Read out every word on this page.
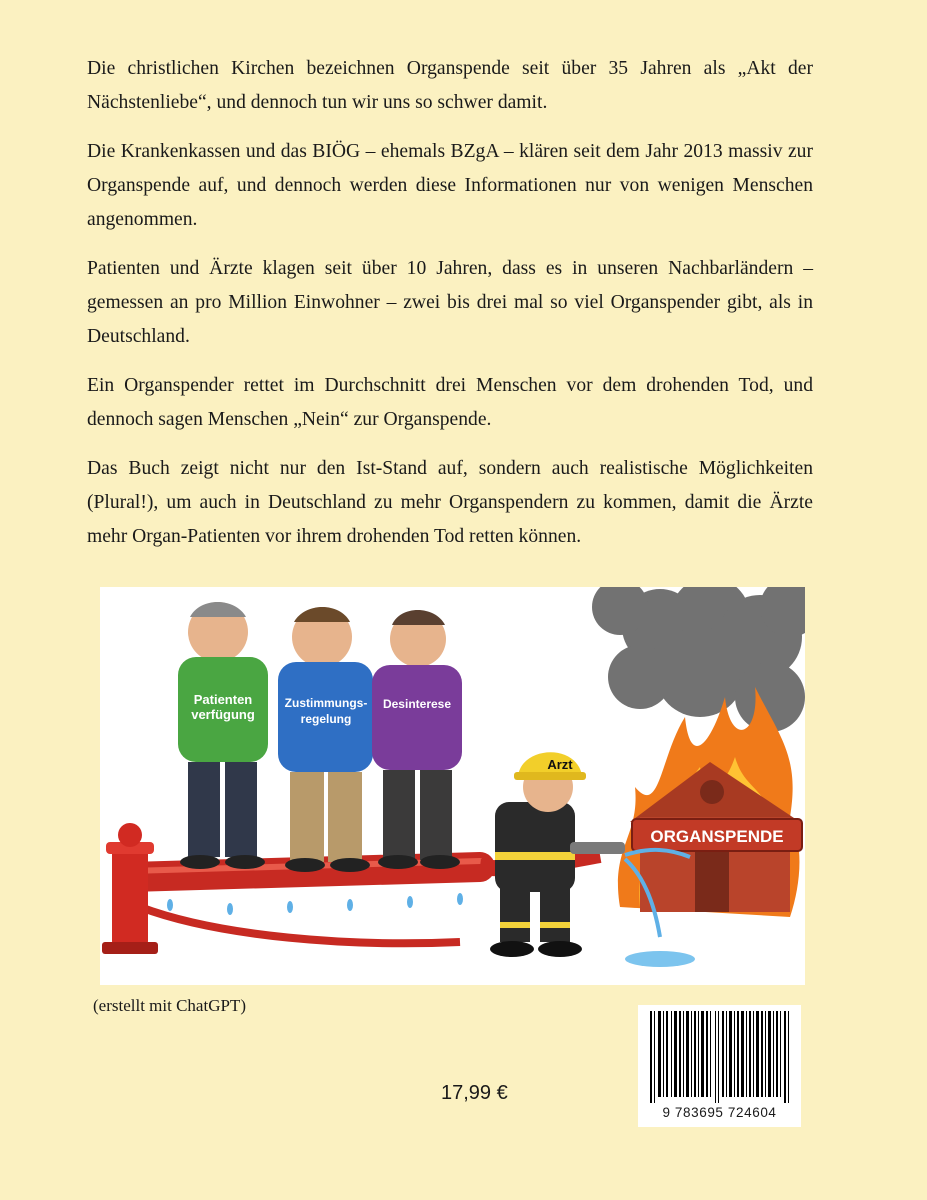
Die christlichen Kirchen bezeichnen Organspende seit über 35 Jahren als „Akt der Nächstenliebe“, und dennoch tun wir uns so schwer damit.

Die Krankenkassen und das BIÖG – ehemals BZgA – klären seit dem Jahr 2013 massiv zur Organspende auf, und dennoch werden diese Informationen nur von wenigen Menschen angenommen.

Patienten und Ärzte klagen seit über 10 Jahren, dass es in unseren Nachbarländern – gemessen an pro Million Einwohner – zwei bis drei mal so viel Organspender gibt, als in Deutschland.

Ein Organspender rettet im Durchschnitt drei Menschen vor dem drohenden Tod, und dennoch sagen Menschen „Nein“ zur Organspende.

Das Buch zeigt nicht nur den Ist-Stand auf, sondern auch realistische Möglichkeiten (Plural!), um auch in Deutschland zu mehr Organspendern zu kommen, damit die Ärzte mehr Organ-Patienten vor ihrem drohenden Tod retten können.

ORGANSPENDE
Patienten
verfügung
Zustimmungs-
regelung
Desinterese
Arzt
(erstellt mit ChatGPT)
17,99 €
9 783695 724604
